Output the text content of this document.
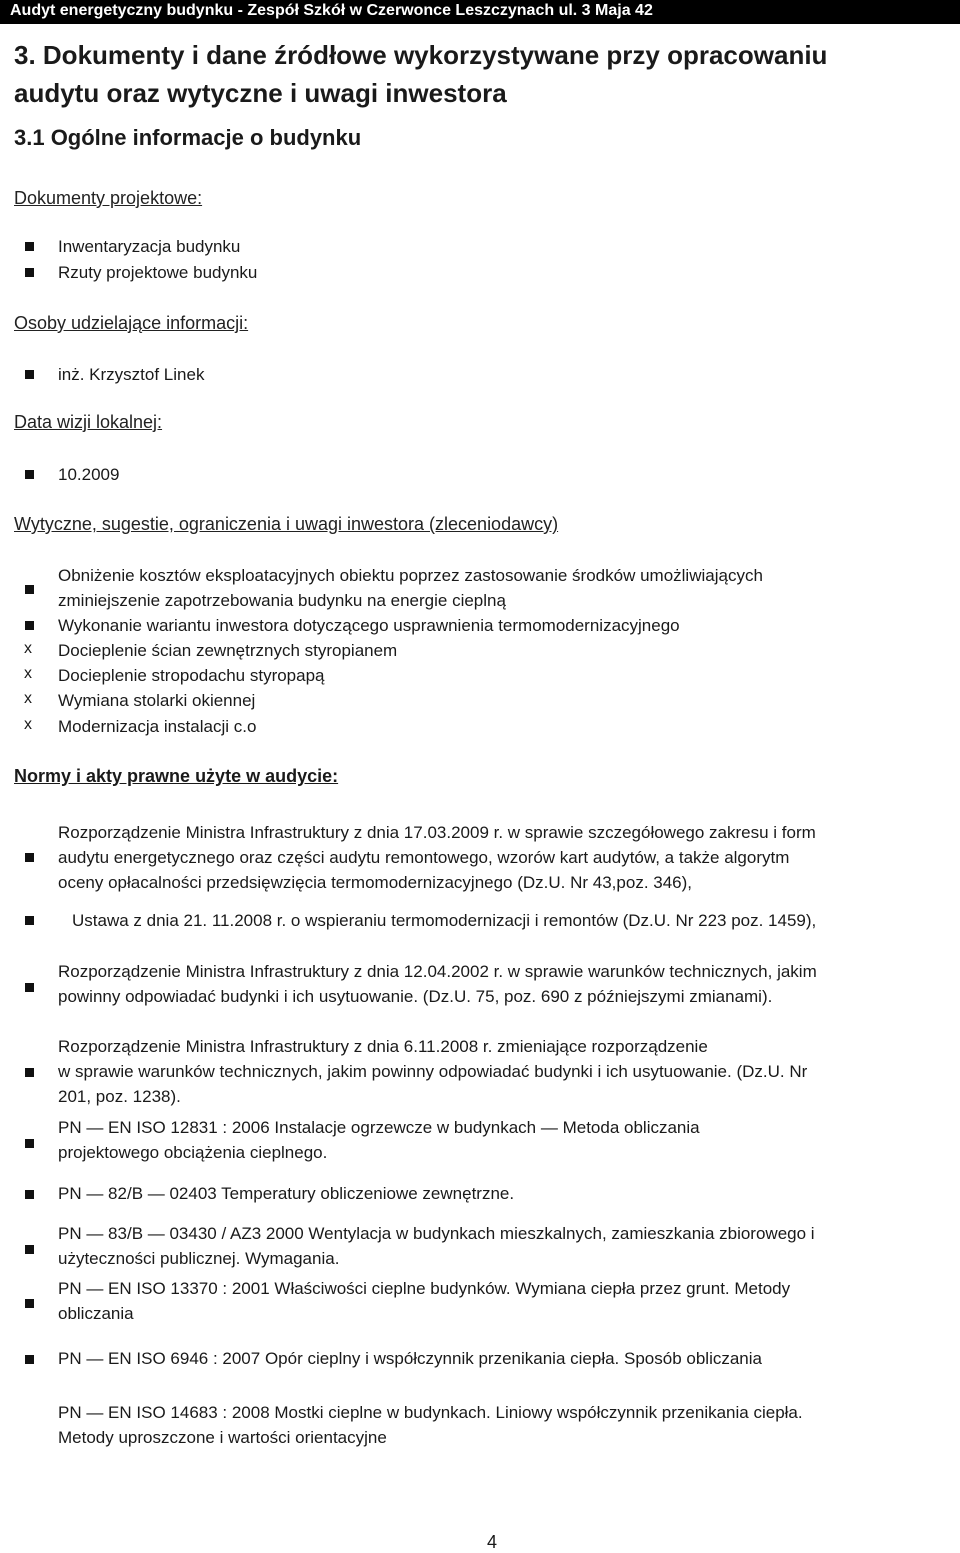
Audyt energetyczny budynku - Zespół Szkół w Czerwonce Leszczynach ul. 3 Maja 42
3. Dokumenty i dane źródłowe wykorzystywane przy opracowaniu
audytu oraz wytyczne i uwagi inwestora
3.1 Ogólne informacje o budynku
Dokumenty projektowe:
Inwentaryzacja budynku
Rzuty projektowe budynku
Osoby udzielające informacji:
inż. Krzysztof Linek
Data wizji lokalnej:
10.2009
Wytyczne, sugestie, ograniczenia i uwagi inwestora (zleceniodawcy)
Obniżenie kosztów eksploatacyjnych obiektu poprzez zastosowanie środków umożliwiających
zminiejszenie zapotrzebowania budynku na energie cieplną
Wykonanie wariantu inwestora dotyczącego usprawnienia termomodernizacyjnego
x Docieplenie ścian zewnętrznych styropianem
x Docieplenie stropodachu styropapą
x Wymiana stolarki okiennej
x Modernizacja instalacji c.o
Normy i akty prawne użyte w audycie:
Rozporządzenie Ministra Infrastruktury z dnia 17.03.2009 r. w sprawie szczegółowego zakresu i form
audytu energetycznego oraz części audytu remontowego, wzorów kart audytów, a także algorytm
oceny opłacalności przedsięwzięcia termomodernizacyjnego (Dz.U. Nr 43,poz. 346),
Ustawa z dnia 21. 11.2008 r. o wspieraniu termomodernizacji i remontów (Dz.U. Nr 223 poz. 1459),
Rozporządzenie Ministra Infrastruktury z dnia 12.04.2002 r. w sprawie warunków technicznych, jakim
powinny odpowiadać budynki i ich usytuowanie. (Dz.U. 75, poz. 690 z późniejszymi zmianami).
Rozporządzenie Ministra Infrastruktury z dnia 6.11.2008 r. zmieniające rozporządzenie
w sprawie warunków technicznych, jakim powinny odpowiadać budynki i ich usytuowanie. (Dz.U. Nr
201, poz. 1238).
PN — EN ISO 12831 : 2006 Instalacje ogrzewcze w budynkach — Metoda obliczania
projektowego obciążenia cieplnego.
PN — 82/B — 02403 Temperatury obliczeniowe zewnętrzne.
PN — 83/B — 03430 / AZ3 2000 Wentylacja w budynkach mieszkalnych, zamieszkania zbiorowego i
użyteczności publicznej. Wymagania.
PN — EN ISO 13370 : 2001 Właściwości cieplne budynków. Wymiana ciepła przez grunt. Metody
obliczania
PN — EN ISO 6946 : 2007 Opór cieplny i współczynnik przenikania ciepła. Sposób obliczania
PN — EN ISO 14683 : 2008 Mostki cieplne w budynkach. Liniowy współczynnik przenikania ciepła.
Metody uproszczone i wartości orientacyjne
4
